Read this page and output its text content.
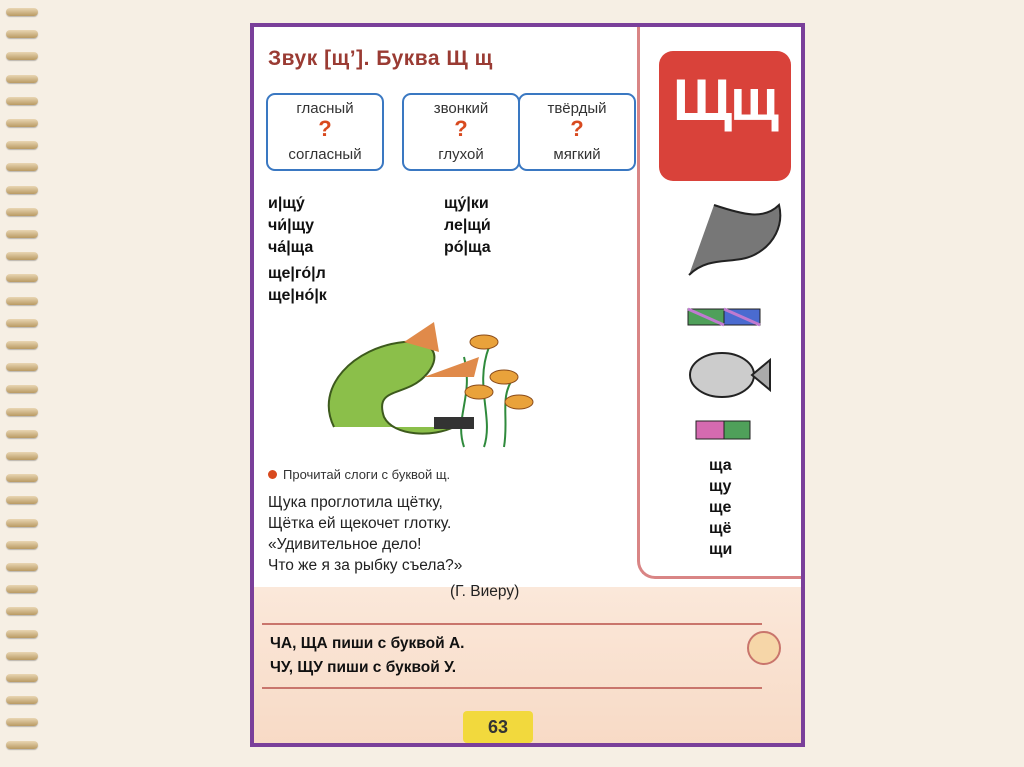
Звук [щ’]. Буква Щ щ
гласный
?
согласный
звонкий
?
глухой
твёрдый
?
мягкий
и|щу́
чи́|щу
ча́|ща
ще|го́|л
ще|но́|к
щу́|ки
ле|щи́
ро́|ща
Прочитай слоги с буквой щ.
Щука проглотила щётку,
Щётка ей щекочет глотку.
«Удивительное дело!
Что же я за рыбку съела?»
(Г. Виеру)
ЧА, ЩА пиши с буквой А.
ЧУ, ЩУ пиши с буквой У.
63
Щщ
ща
щу
ще
щё
щи
